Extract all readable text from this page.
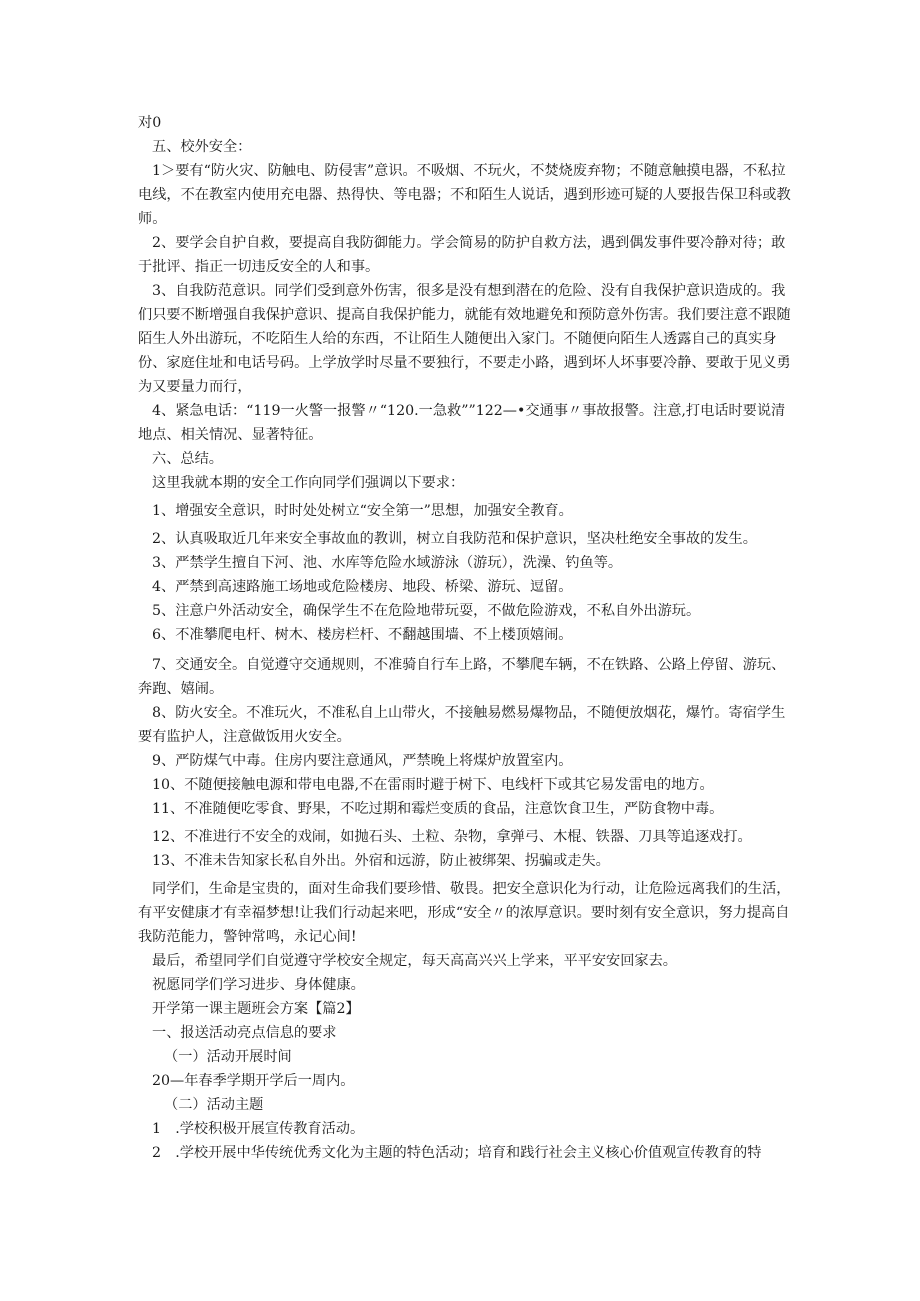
对0

五、校外安全：

1＞要有“防火灾、防触电、防侵害”意识。不吸烟、不玩火，不焚烧废弃物；不随意触摸电器，不私拉电线，不在教室内使用充电器、热得快、等电器；不和陌生人说话，遇到形迹可疑的人要报告保卫科或教师。

2、要学会自护自救，要提高自我防御能力。学会简易的防护自救方法，遇到偶发事件要冷静对待；敢于批评、指正一切违反安全的人和事。

3、自我防范意识。同学们受到意外伤害，很多是没有想到潜在的危险、没有自我保护意识造成的。我们只要不断增强自我保护意识、提高自我保护能力，就能有效地避免和预防意外伤害。我们要注意不跟随陌生人外出游玩，不吃陌生人给的东西，不让陌生人随便出入家门。不随便向陌生人透露自己的真实身份、家庭住址和电话号码。上学放学时尽量不要独行，不要走小路，遇到坏人坏事要冷静、要敢于见义勇为又要量力而行，

4、紧急电话：“119一火警一报警〃“120.一急救””122—•交通事〃事故报警。注意,打电话时要说清地点、相关情况、显著特征。

六、总结。

这里我就本期的安全工作向同学们强调以下要求：

1、增强安全意识，时时处处树立“安全第一”思想，加强安全教育。

2、认真吸取近几年来安全事故血的教训，树立自我防范和保护意识，坚决杜绝安全事故的发生。

3、严禁学生擅自下河、池、水库等危险水域游泳（游玩），洗澡、钓鱼等。

4、严禁到高速路施工场地或危险楼房、地段、桥梁、游玩、逗留。

5、注意户外活动安全，确保学生不在危险地带玩耍，不做危险游戏，不私自外出游玩。

6、不准攀爬电杆、树木、楼房栏杆、不翻越围墙、不上楼顶嬉闹。

7、交通安全。自觉遵守交通规则，不准骑自行车上路，不攀爬车辆，不在铁路、公路上停留、游玩、奔跑、嬉闹。

8、防火安全。不准玩火，不准私自上山带火，不接触易燃易爆物品，不随便放烟花，爆竹。寄宿学生要有监护人，注意做饭用火安全。

9、严防煤气中毒。住房内要注意通风，严禁晚上将煤炉放置室内。

10、不随便接触电源和带电电器,不在雷雨时避于树下、电线杆下或其它易发雷电的地方。

11、不准随便吃零食、野果，不吃过期和霉烂变质的食品，注意饮食卫生，严防食物中毒。

12、不准进行不安全的戏闹，如抛石头、土粒、杂物，拿弹弓、木棍、铁器、刀具等追逐戏打。

13、不准未告知家长私自外出。外宿和远游，防止被绑架、拐骗或走失。

同学们，生命是宝贵的，面对生命我们要珍惜、敬畏。把安全意识化为行动，让危险远离我们的生活，有平安健康才有幸福梦想!让我们行动起来吧，形成“安全〃的浓厚意识。要时刻有安全意识，努力提高自我防范能力，警钟常鸣，永记心间!

最后，希望同学们自觉遵守学校安全规定，每天高高兴兴上学来，平平安安回家去。

祝愿同学们学习进步、身体健康。

开学第一课主题班会方案【篇2】

一、报送活动亮点信息的要求

（一）活动开展时间

20—年春季学期开学后一周内。

（二）活动主题

1　.学校积极开展宣传教育活动。

2　.学校开展中华传统优秀文化为主题的特色活动；培育和践行社会主义核心价值观宣传教育的特
